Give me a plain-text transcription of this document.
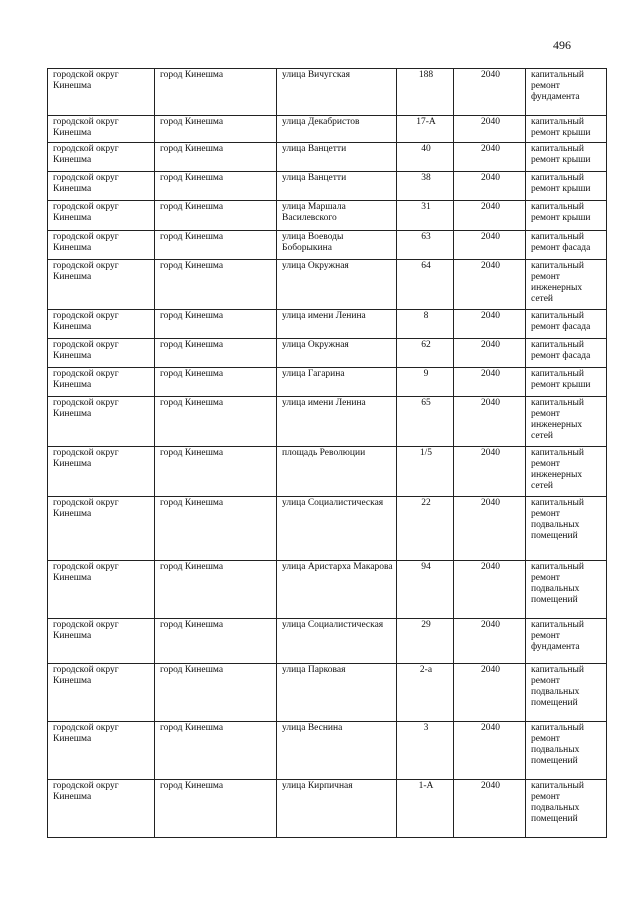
496
городской округ Кинешма	город Кинешма	улица Вичугская	188	2040	капитальный ремонт фундамента
городской округ Кинешма	город Кинешма	улица Декабристов	17-А	2040	капитальный ремонт крыши
городской округ Кинешма	город Кинешма	улица Ванцетти	40	2040	капитальный ремонт крыши
городской округ Кинешма	город Кинешма	улица Ванцетти	38	2040	капитальный ремонт крыши
городской округ Кинешма	город Кинешма	улица Маршала Василевского	31	2040	капитальный ремонт крыши
городской округ Кинешма	город Кинешма	улица Воеводы Боборыкина	63	2040	капитальный ремонт фасада
городской округ Кинешма	город Кинешма	улица Окружная	64	2040	капитальный ремонт инженерных сетей
городской округ Кинешма	город Кинешма	улица имени Ленина	8	2040	капитальный ремонт фасада
городской округ Кинешма	город Кинешма	улица Окружная	62	2040	капитальный ремонт фасада
городской округ Кинешма	город Кинешма	улица Гагарина	9	2040	капитальный ремонт крыши
городской округ Кинешма	город Кинешма	улица имени Ленина	65	2040	капитальный ремонт инженерных сетей
городской округ Кинешма	город Кинешма	площадь Революции	1/5	2040	капитальный ремонт инженерных сетей
городской округ Кинешма	город Кинешма	улица Социалистическая	22	2040	капитальный ремонт подвальных помещений
городской округ Кинешма	город Кинешма	улица Аристарха Макарова	94	2040	капитальный ремонт подвальных помещений
городской округ Кинешма	город Кинешма	улица Социалистическая	29	2040	капитальный ремонт фундамента
городской округ Кинешма	город Кинешма	улица Парковая	2-а	2040	капитальный ремонт подвальных помещений
городской округ Кинешма	город Кинешма	улица Веснина	3	2040	капитальный ремонт подвальных помещений
городской округ Кинешма	город Кинешма	улица Кирпичная	1-А	2040	капитальный ремонт подвальных помещений
